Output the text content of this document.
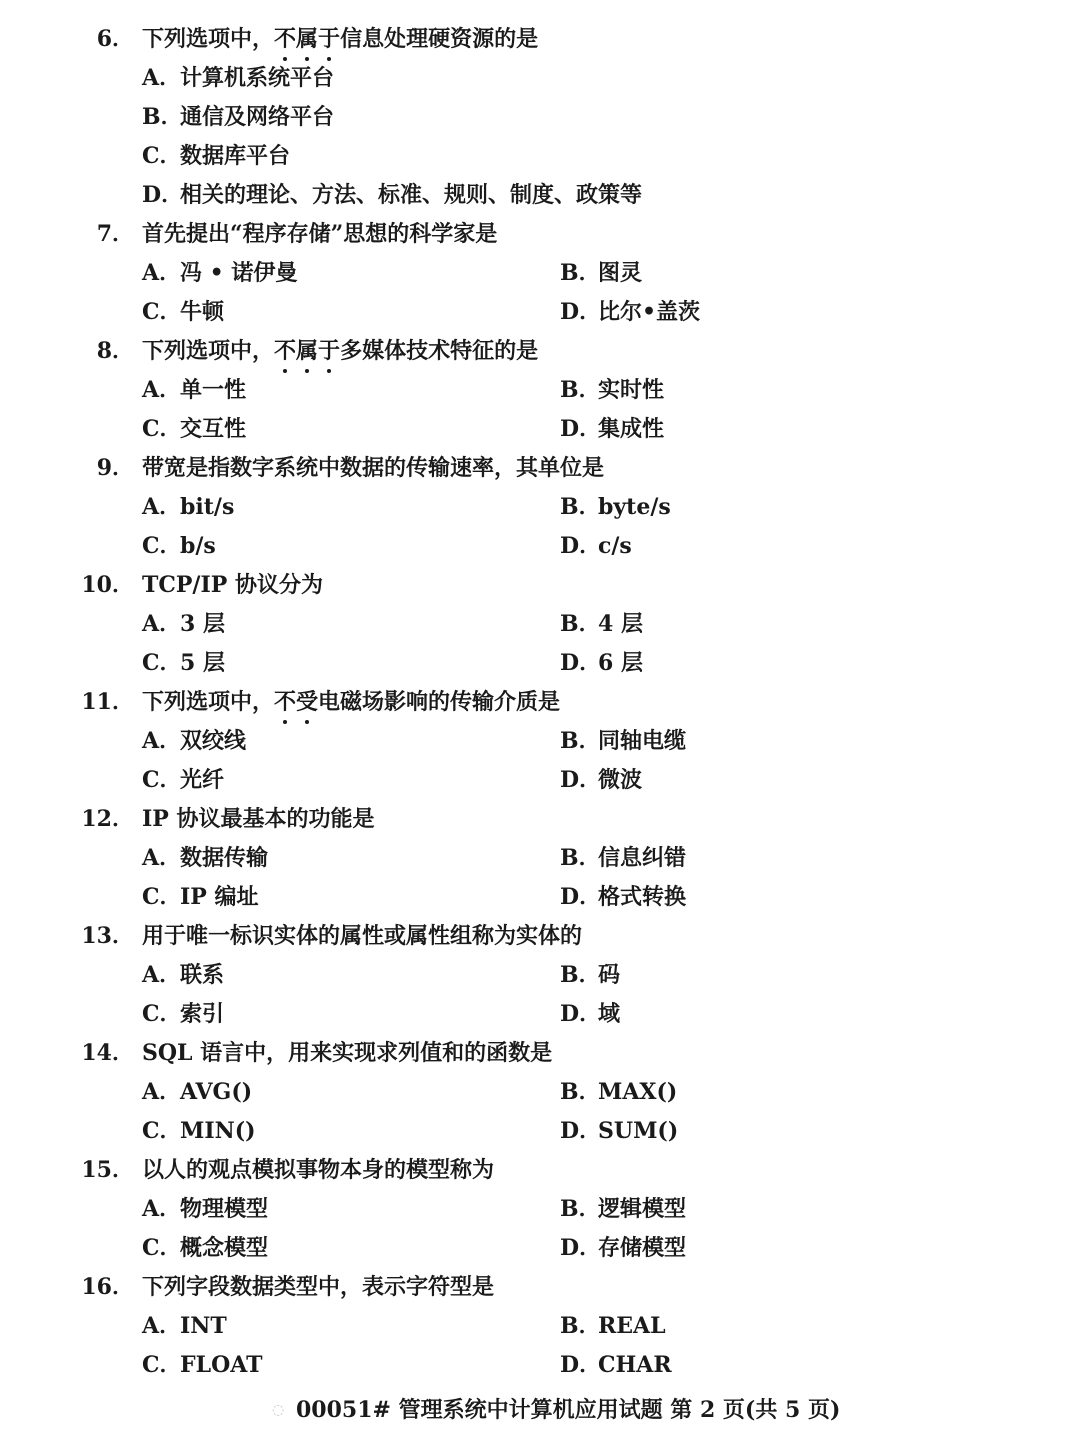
6． 下列选项中，不属于信息处理硬资源的是
A．计算机系统平台
B．通信及网络平台
C．数据库平台
D．相关的理论、方法、标准、规则、制度、政策等
7． 首先提出“程序存储”思想的科学家是
A．冯 • 诺伊曼	B．图灵
C．牛顿	D．比尔•盖茨
8． 下列选项中，不属于多媒体技术特征的是
A．单一性	B．实时性
C．交互性	D．集成性
9． 带宽是指数字系统中数据的传输速率，其单位是
A．bit/s	B．byte/s
C．b/s	D．c/s
10． TCP/IP 协议分为
A．3 层	B．4 层
C．5 层	D．6 层
11． 下列选项中，不受电磁场影响的传输介质是
A．双绞线	B．同轴电缆
C．光纤	D．微波
12． IP 协议最基本的功能是
A．数据传输	B．信息纠错
C．IP 编址	D．格式转换
13． 用于唯一标识实体的属性或属性组称为实体的
A．联系	B．码
C．索引	D．域
14． SQL 语言中，用来实现求列值和的函数是
A．AVG()	B．MAX()
C．MIN()	D．SUM()
15． 以人的观点模拟事物本身的模型称为
A．物理模型	B．逻辑模型
C．概念模型	D．存储模型
16． 下列字段数据类型中，表示字符型是
A．INT	B．REAL
C．FLOAT	D．CHAR
◌ 00051# 管理系统中计算机应用试题 第 2 页(共 5 页)
